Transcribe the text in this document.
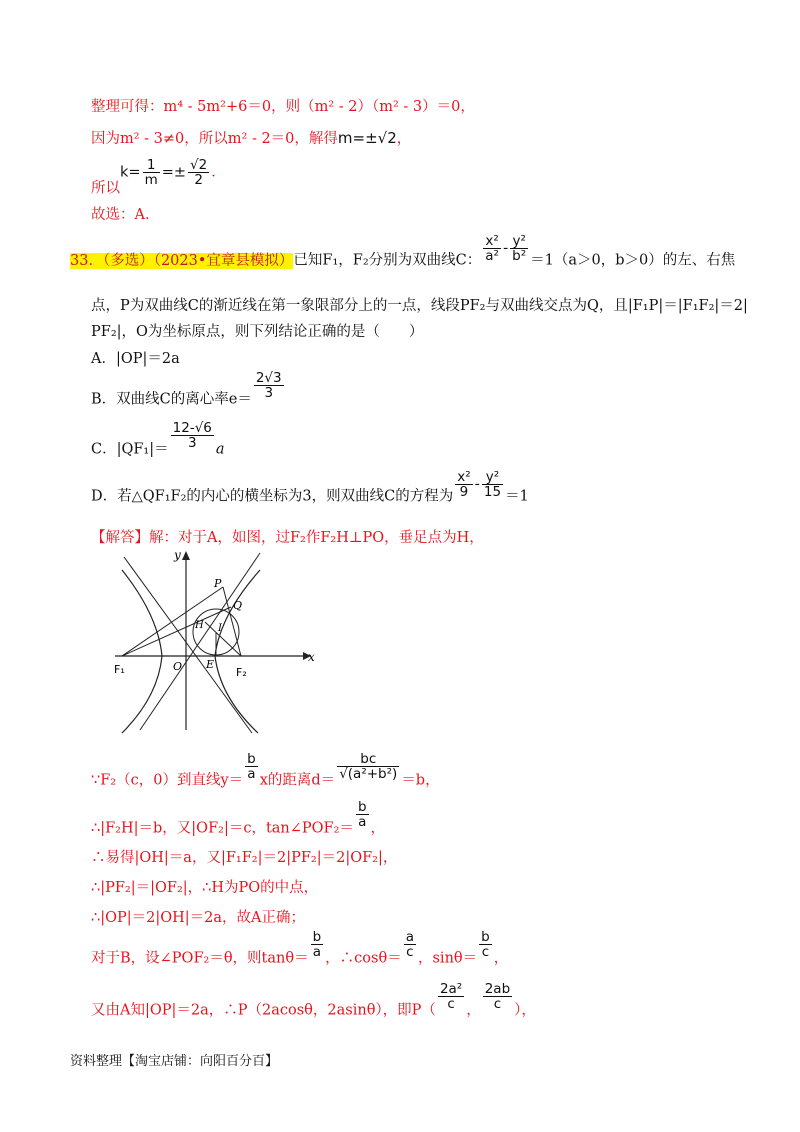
整理可得：m⁴ - 5m²+6＝0，则（m² - 2）（m² - 3）＝0，
因为m² - 3≠0，所以m² - 2＝0，解得m=±√2，
所以$k= \frac{1}{m} =\pm \frac{√2}{2}$ ．
故选：A．
33．（多选）（2023•宜章县模拟）已知F₁，F₂分别为双曲线C： $\frac{\text{x²}}{\text{a²}} - \frac{\text{y²}}{\text{b²}} =1(a>0$，b＞0）的左、右焦
点，P为双曲线C的渐近线在第一象限部分上的一点，线段PF₂与双曲线交点为Q，且|F₁P|＝|F₁F₂|＝2|
PF₂|，O为坐标原点，则下列结论正确的是（　　）
A．|OP|＝2a
B．双曲线C的离心率$e= \frac{2√3}{3}$
C．$|QF_1|= \frac{12-√6}{3}$ a
D．若△QF₁F₂的内心的横坐标为3，则双曲线C的方程为 $\frac{\text{x²}}{9} - \frac{\text{y²}}{15} =1$
【解答】解：对于A，如图，过F₂作F₂H⊥PO，垂足点为H，
y
x
P
Q
H I
O E
F₁	F₂
∵F₂（c，0）到直线$y= \frac{b}{a}$ x的距离$d= \frac{bc}{\text{√(a²+b²)}} =b$，
∴|F₂H|＝b，又|OF₂|＝c，tan∠POF₂＝ $\frac{b}{a}$ ，
∴易得|OH|＝a，又|F₁F₂|＝2|PF₂|＝2|OF₂|，
∴|PF₂|＝|OF₂|，∴H为PO的中点，
∴|OP|＝2|OH|＝2a，故A正确；
对于B，设∠POF₂＝θ，则$\tan\theta= \frac{b}{a}$ ，∴cosθ＝ $\frac{a}{c}$ ，$\sin\theta= \frac{b}{c}$ ，
又由A知|OP|＝2a，∴P（2acosθ，2asinθ），即$P( \frac{\text{2a²}}{c}$ ， $\frac{2ab}{c}$ ），
资料整理【淘宝店铺：向阳百分百】
